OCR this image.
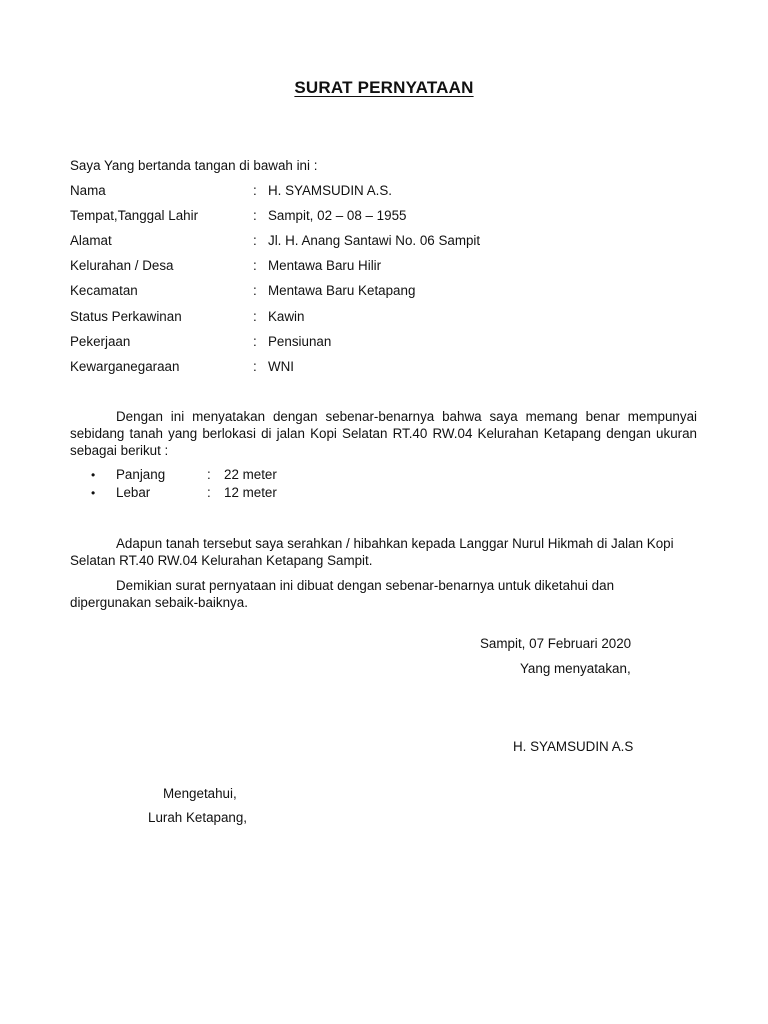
SURAT PERNYATAAN
Saya Yang bertanda tangan di bawah ini :
Nama	: H. SYAMSUDIN A.S.
Tempat,Tanggal Lahir	: Sampit, 02 – 08 – 1955
Alamat	: Jl. H. Anang Santawi No. 06 Sampit
Kelurahan / Desa	: Mentawa Baru Hilir
Kecamatan	: Mentawa Baru Ketapang
Status Perkawinan	: Kawin
Pekerjaan	: Pensiunan
Kewarganegaraan	: WNI
Dengan ini menyatakan dengan sebenar-benarnya bahwa saya memang benar mempunyai sebidang tanah yang berlokasi di jalan Kopi Selatan RT.40 RW.04 Kelurahan Ketapang dengan ukuran sebagai berikut :
• Panjang	: 22 meter
• Lebar	: 12 meter
Adapun tanah tersebut saya serahkan / hibahkan kepada Langgar Nurul Hikmah di Jalan Kopi Selatan RT.40 RW.04 Kelurahan Ketapang Sampit.
Demikian surat pernyataan ini dibuat dengan sebenar-benarnya untuk diketahui dan dipergunakan sebaik-baiknya.
Sampit, 07 Februari 2020
Yang menyatakan,
H. SYAMSUDIN A.S
Mengetahui,
Lurah Ketapang,
